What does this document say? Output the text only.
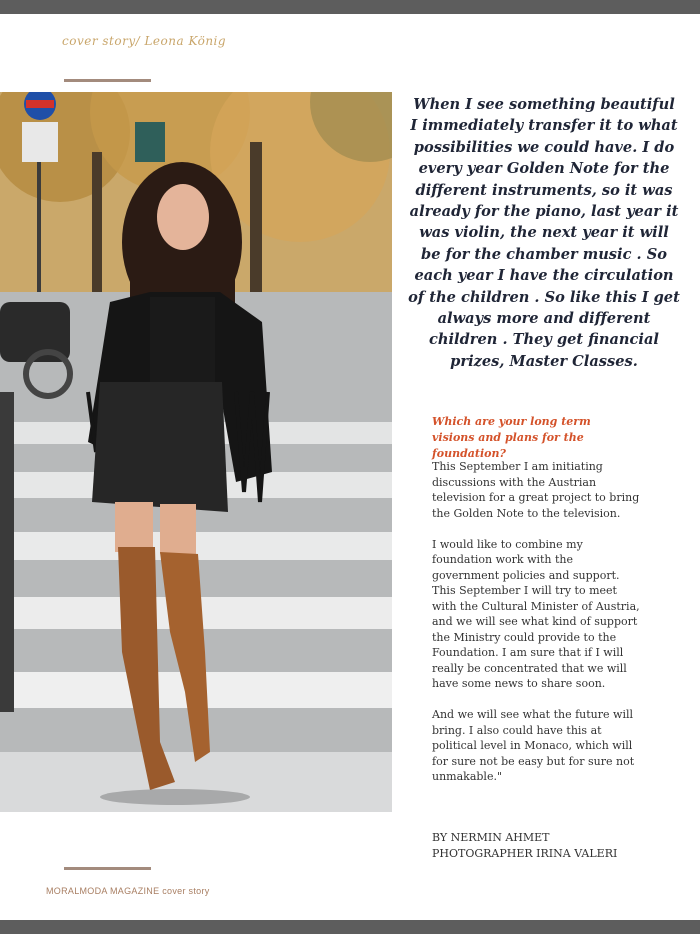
cover story/ Leona König
When I see something beautiful I immediately transfer it to what possibilities we could have. I do every year Golden Note for the different instruments, so it was already for the piano, last year it was violin, the next year it will be for the chamber music . So each year I have the circulation of the children . So like this I get always more and different children . They get financial prizes, Master Classes.
Which are your long term visions and plans for the foundation?

This September I am initiating discussions with the Austrian television for a great project to bring the Golden Note to the television.

I would like to combine my foundation work with the government policies and support. This September I will try to meet with the Cultural Minister of Austria, and we will see what kind of support the Ministry could provide to the Foundation. I am sure that if I will really be concentrated that we will have some news to share soon.

And we will see what the future will bring. I also could have this at political level in Monaco, which will for sure not be easy but for sure not unmakable."

BY NERMIN AHMET
PHOTOGRAPHER IRINA VALERI
MORALMODA MAGAZINE cover story
